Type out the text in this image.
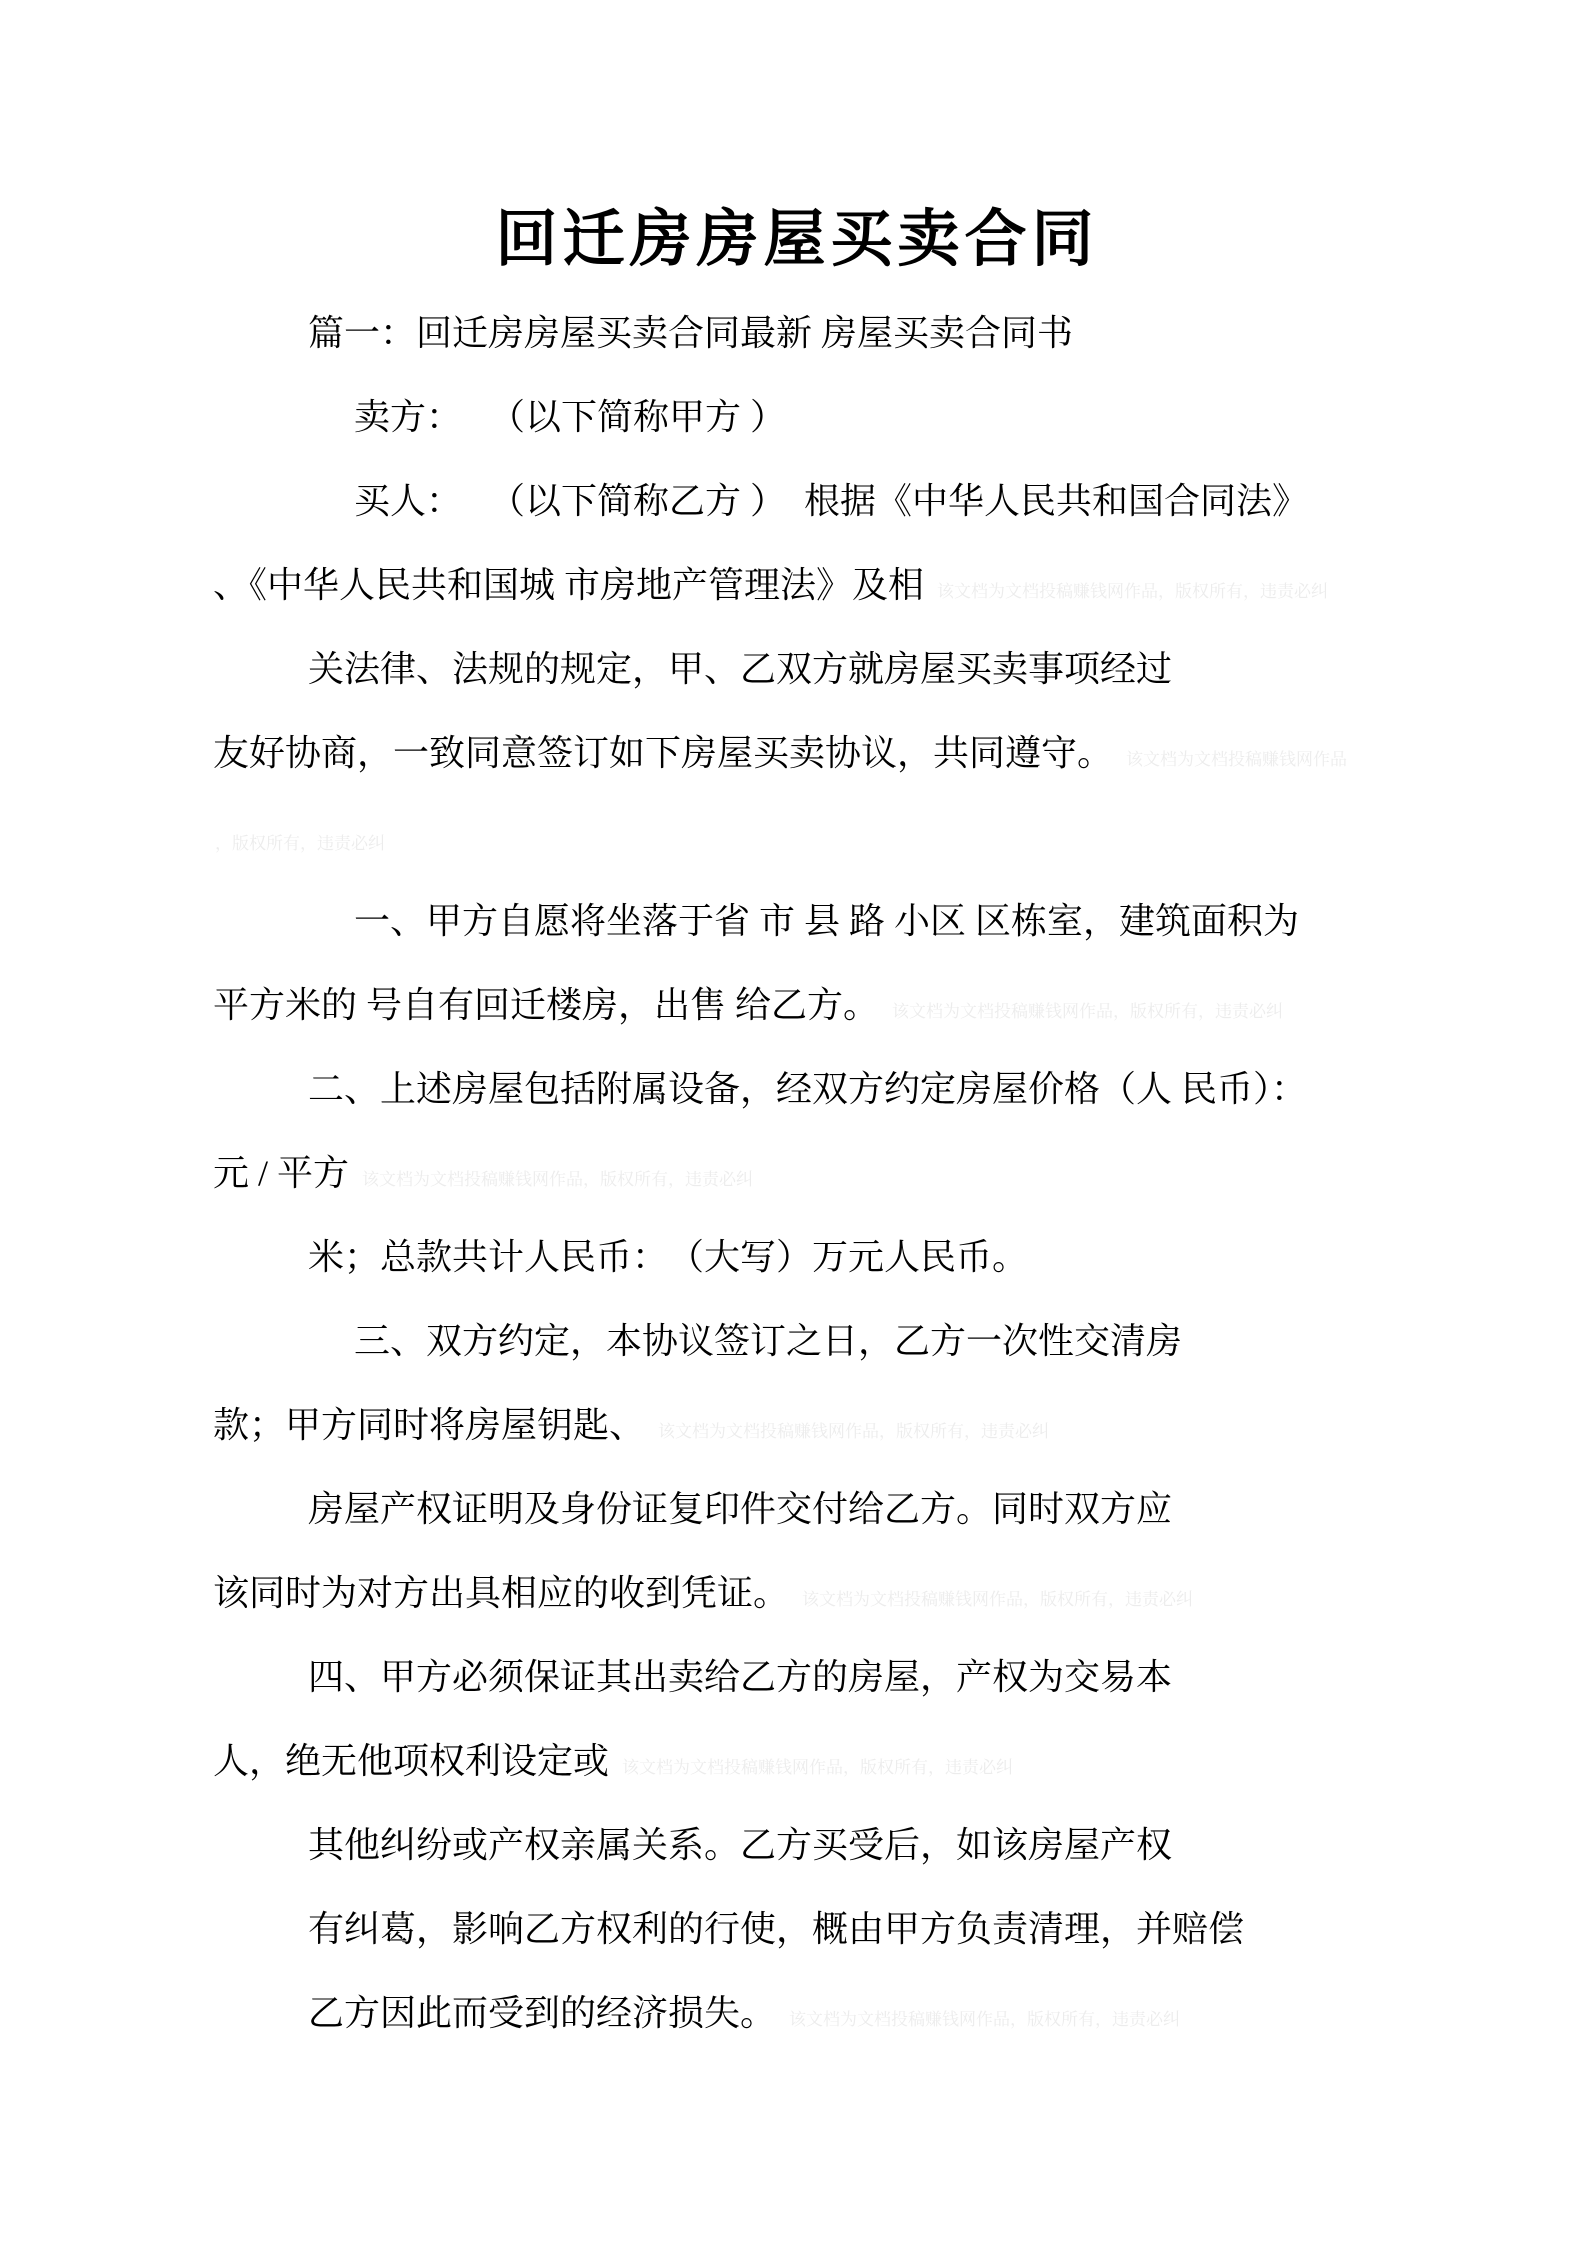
回迁房房屋买卖合同
篇一：回迁房房屋买卖合同最新 房屋买卖合同书
卖方：　 （以下简称甲方 ）
买人：　 （以下简称乙方 ）　根据《中华人民共和国合同法》
、《中华人民共和国城 市房地产管理法》及相 该文档为文档投稿赚钱网作品，版权所有，违责必纠
关法律、法规的规定，甲、乙双方就房屋买卖事项经过
友好协商，一致同意签订如下房屋买卖协议，共同遵守。 该文档为文档投稿赚钱网作品
，版权所有，违责必纠
一、甲方自愿将坐落于省 市 县 路 小区 区栋室，建筑面积为
平方米的 号自有回迁楼房，出售 给乙方。 该文档为文档投稿赚钱网作品，版权所有，违责必纠
二、上述房屋包括附属设备，经双方约定房屋价格（人 民币）：
元 / 平方 该文档为文档投稿赚钱网作品，版权所有，违责必纠
米；总款共计人民币：　（大写）万元人民币。
三、双方约定，本协议签订之日，乙方一次性交清房
款；甲方同时将房屋钥匙、 该文档为文档投稿赚钱网作品，版权所有，违责必纠
房屋产权证明及身份证复印件交付给乙方。同时双方应
该同时为对方出具相应的收到凭证。 该文档为文档投稿赚钱网作品，版权所有，违责必纠
四、甲方必须保证其出卖给乙方的房屋，产权为交易本
人，绝无他项权利设定或 该文档为文档投稿赚钱网作品，版权所有，违责必纠
其他纠纷或产权亲属关系。乙方买受后，如该房屋产权
有纠葛，影响乙方权利的行使，概由甲方负责清理，并赔偿
乙方因此而受到的经济损失。 该文档为文档投稿赚钱网作品，版权所有，违责必纠
